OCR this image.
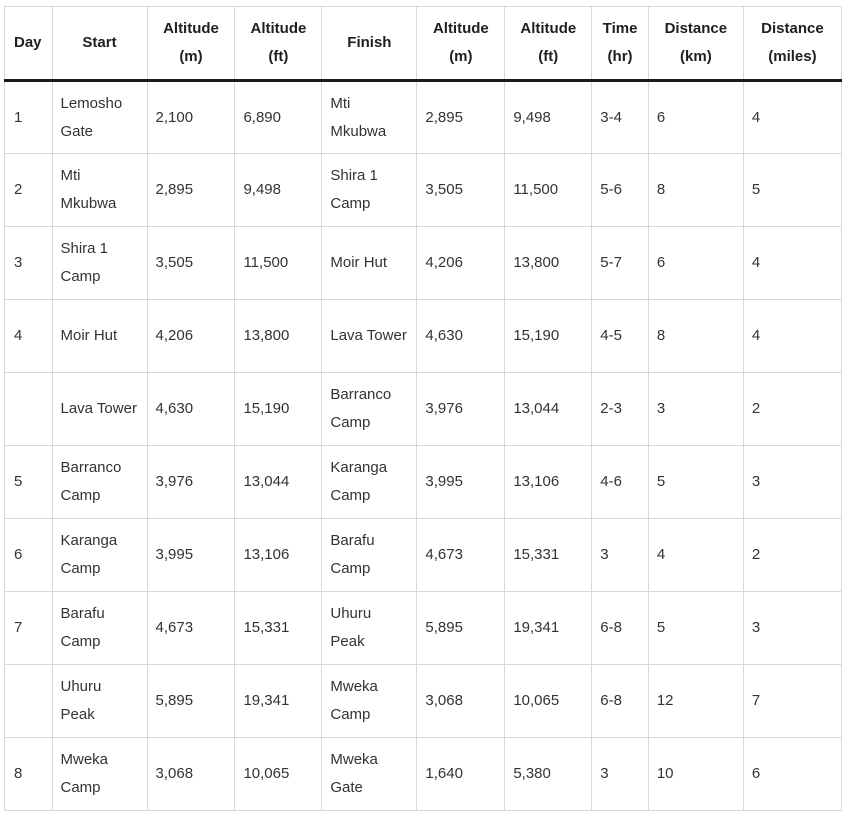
Day	Start	Altitude (m)	Altitude (ft)	Finish	Altitude (m)	Altitude (ft)	Time (hr)	Distance (km)	Distance (miles)
1	Lemosho Gate	2,100	6,890	Mti Mkubwa	2,895	9,498	3-4	6	4
2	Mti Mkubwa	2,895	9,498	Shira 1 Camp	3,505	11,500	5-6	8	5
3	Shira 1 Camp	3,505	11,500	Moir Hut	4,206	13,800	5-7	6	4
4	Moir Hut	4,206	13,800	Lava Tower	4,630	15,190	4-5	8	4
	Lava Tower	4,630	15,190	Barranco Camp	3,976	13,044	2-3	3	2
5	Barranco Camp	3,976	13,044	Karanga Camp	3,995	13,106	4-6	5	3
6	Karanga Camp	3,995	13,106	Barafu Camp	4,673	15,331	3	4	2
7	Barafu Camp	4,673	15,331	Uhuru Peak	5,895	19,341	6-8	5	3
	Uhuru Peak	5,895	19,341	Mweka Camp	3,068	10,065	6-8	12	7
8	Mweka Camp	3,068	10,065	Mweka Gate	1,640	5,380	3	10	6
